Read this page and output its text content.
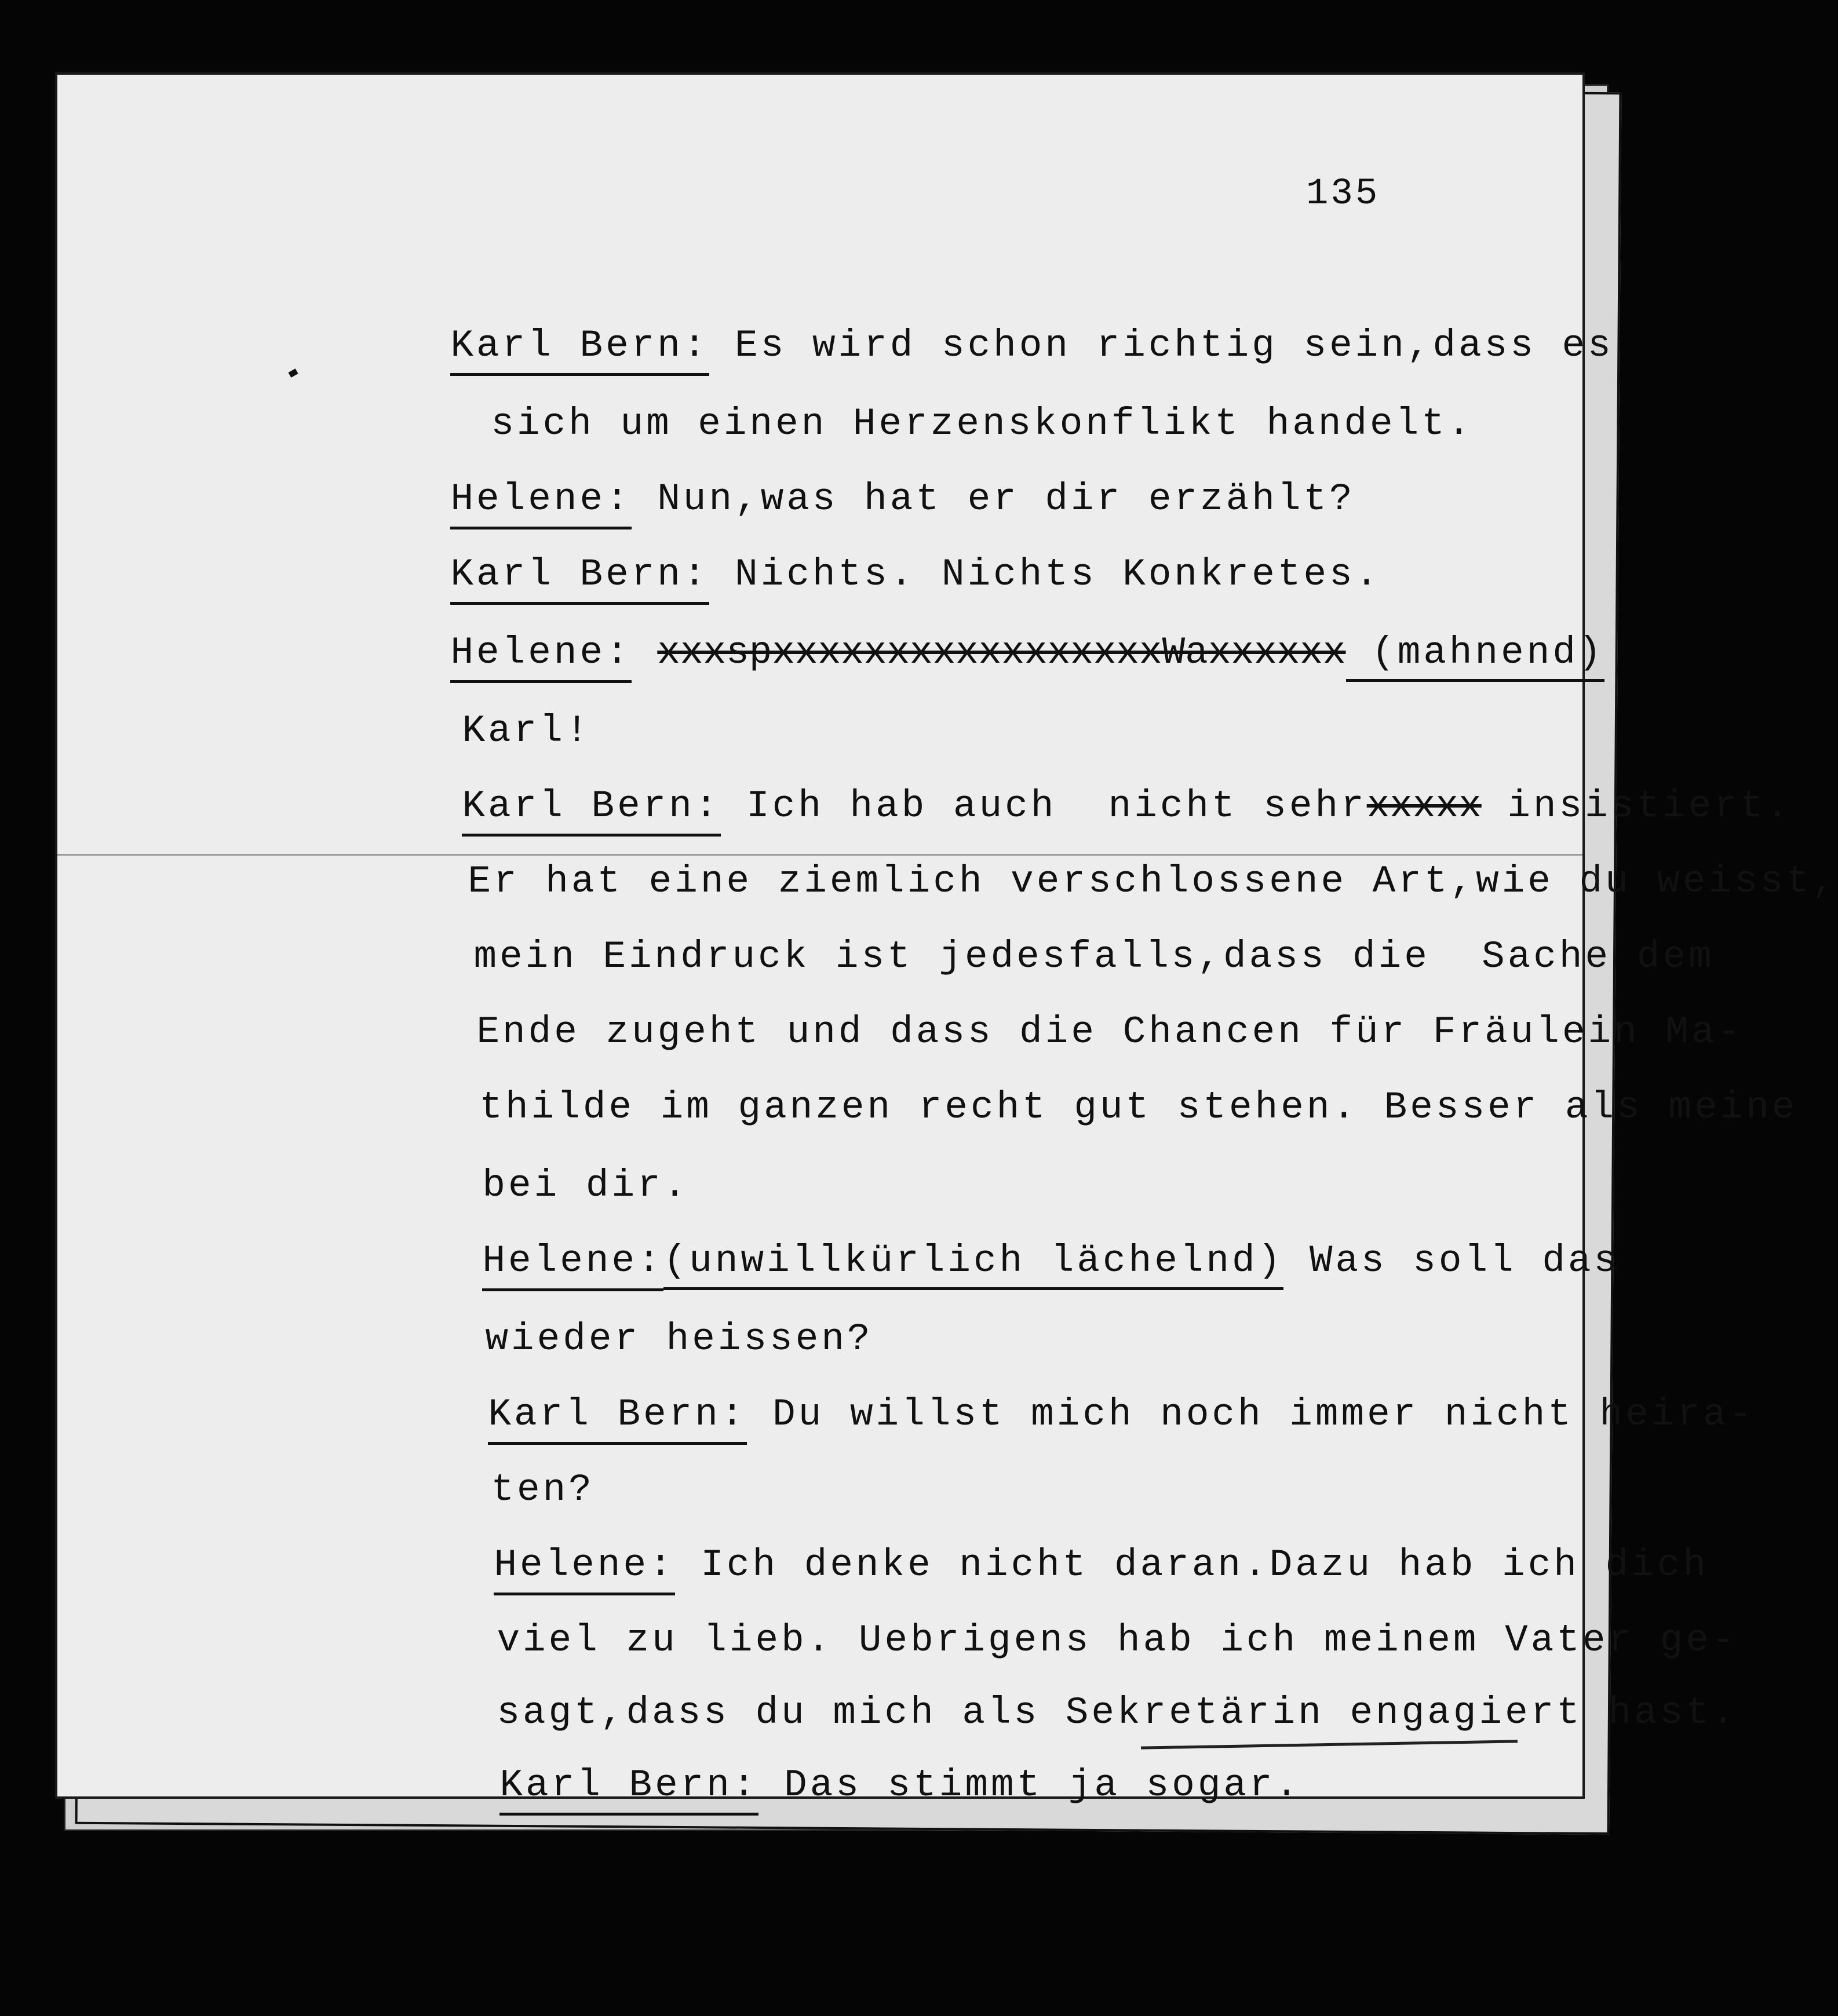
135

Karl Bern: Es wird schon richtig sein,dass es

sich um einen Herzenskonflikt handelt.

Helene: Nun,was hat er dir erzählt?

Karl Bern: Nichts. Nichts Konkretes.

Helene: xxxspxxxxxxxxxxxxxxxxxWaxxxxxx (mahnend)

Karl!

Karl Bern: Ich hab auch  nicht sehrxxxxx insistiert.

Er hat eine ziemlich verschlossene Art,wie du weisst,

mein Eindruck ist jedesfalls,dass die  Sache dem

Ende zugeht und dass die Chancen für Fräulein Ma-

thilde im ganzen recht gut stehen. Besser als meine

bei dir.

Helene:(unwillkürlich lächelnd) Was soll das

wieder heissen?

Karl Bern: Du willst mich noch immer nicht heira-

ten?

Helene: Ich denke nicht daran.Dazu hab ich dich

viel zu lieb. Uebrigens hab ich meinem Vater ge-

sagt,dass du mich als Sekretärin engagiert hast.

Karl Bern: Das stimmt ja sogar.
